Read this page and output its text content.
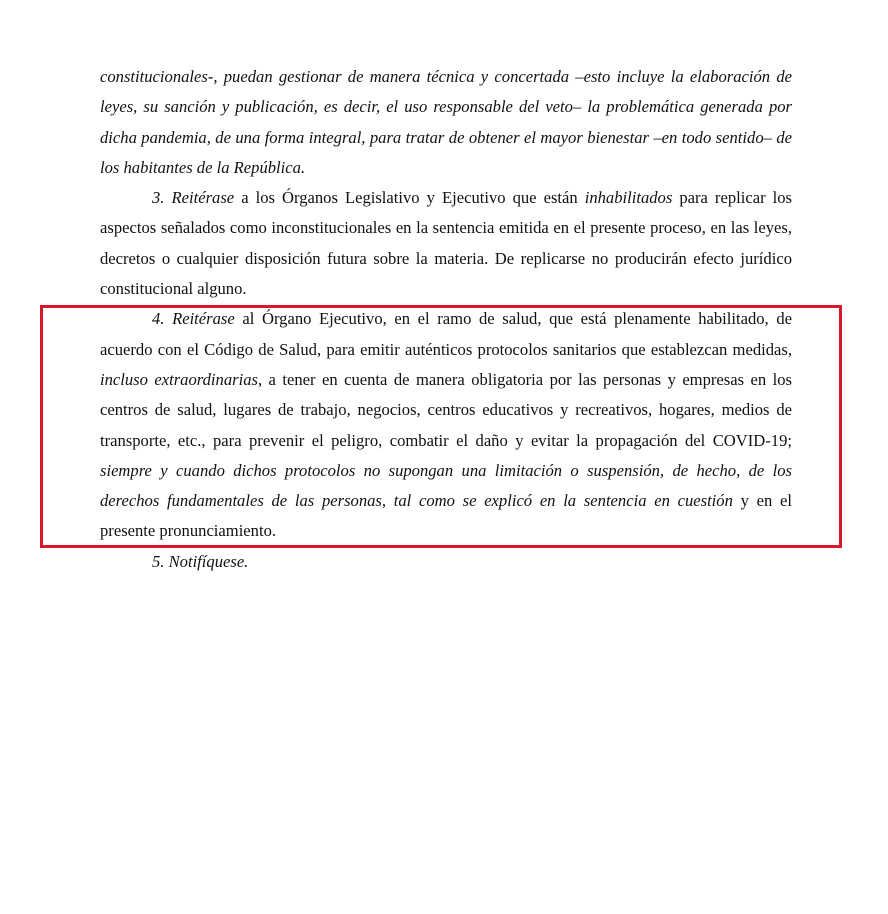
constitucionales-, puedan gestionar de manera técnica y concertada –esto incluye la elaboración de leyes, su sanción y publicación, es decir, el uso responsable del veto– la problemática generada por dicha pandemia, de una forma integral, para tratar de obtener el mayor bienestar –en todo sentido– de los habitantes de la República.

3. Reitérase a los Órganos Legislativo y Ejecutivo que están inhabilitados para replicar los aspectos señalados como inconstitucionales en la sentencia emitida en el presente proceso, en las leyes, decretos o cualquier disposición futura sobre la materia. De replicarse no producirán efecto jurídico constitucional alguno.

4. Reitérase al Órgano Ejecutivo, en el ramo de salud, que está plenamente habilitado, de acuerdo con el Código de Salud, para emitir auténticos protocolos sanitarios que establezcan medidas, incluso extraordinarias, a tener en cuenta de manera obligatoria por las personas y empresas en los centros de salud, lugares de trabajo, negocios, centros educativos y recreativos, hogares, medios de transporte, etc., para prevenir el peligro, combatir el daño y evitar la propagación del COVID-19; siempre y cuando dichos protocolos no supongan una limitación o suspensión, de hecho, de los derechos fundamentales de las personas, tal como se explicó en la sentencia en cuestión y en el presente pronunciamiento.

5. Notifíquese.
